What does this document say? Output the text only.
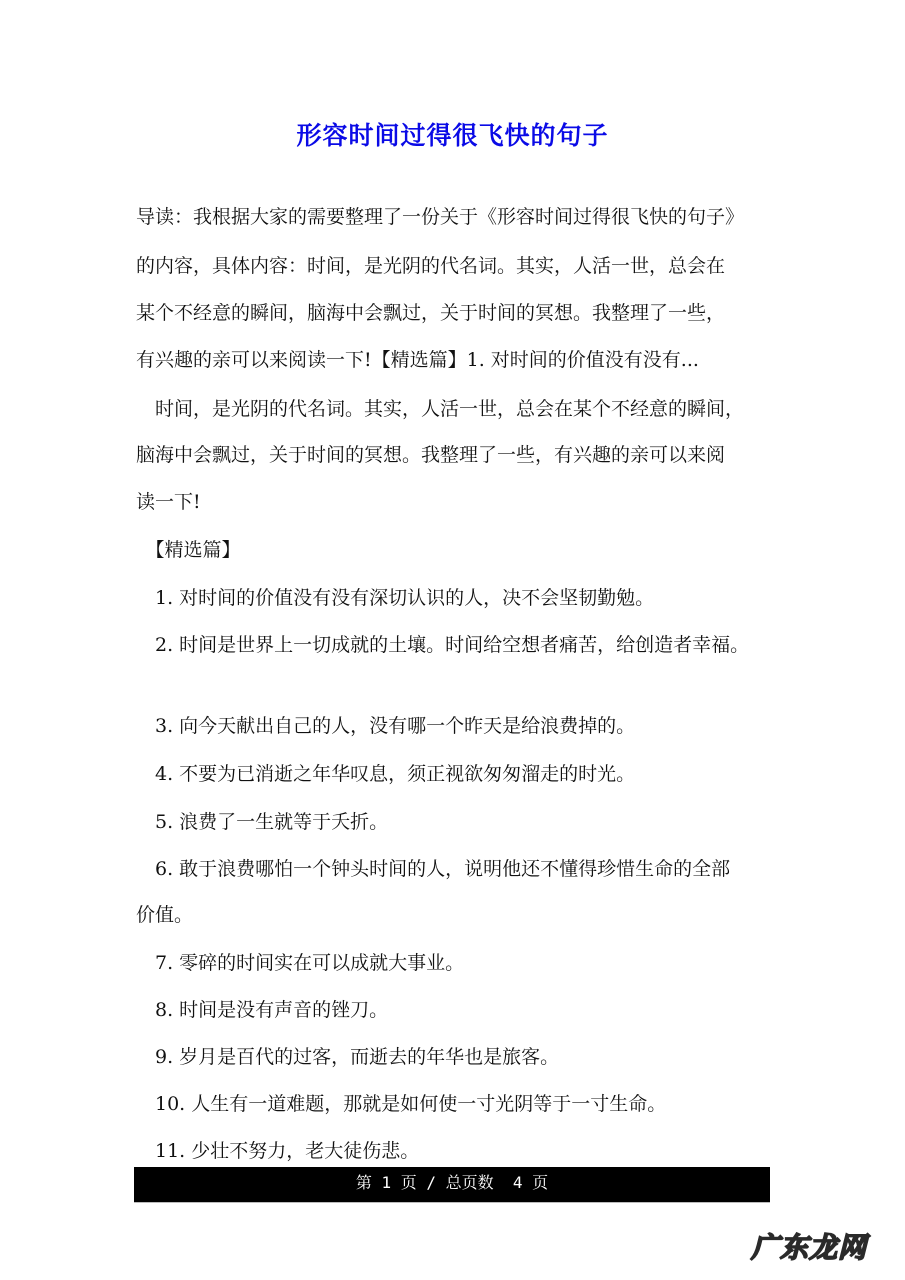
形容时间过得很飞快的句子
导读：我根据大家的需要整理了一份关于《形容时间过得很飞快的句子》
的内容，具体内容：时间，是光阴的代名词。其实，人活一世，总会在
某个不经意的瞬间，脑海中会飘过，关于时间的冥想。我整理了一些，
有兴趣的亲可以来阅读一下!【精选篇】1. 对时间的价值没有没有...
　时间，是光阴的代名词。其实，人活一世，总会在某个不经意的瞬间，
脑海中会飘过，关于时间的冥想。我整理了一些，有兴趣的亲可以来阅
读一下!
　【精选篇】
　1. 对时间的价值没有没有深切认识的人，决不会坚韧勤勉。
　2. 时间是世界上一切成就的土壤。时间给空想者痛苦，给创造者幸福。
　3. 向今天献出自己的人，没有哪一个昨天是给浪费掉的。
　4. 不要为已消逝之年华叹息，须正视欲匆匆溜走的时光。
　5. 浪费了一生就等于夭折。
　6. 敢于浪费哪怕一个钟头时间的人，说明他还不懂得珍惜生命的全部
价值。
　7. 零碎的时间实在可以成就大事业。
　8. 时间是没有声音的锉刀。
　9. 岁月是百代的过客，而逝去的年华也是旅客。
　10. 人生有一道难题，那就是如何使一寸光阴等于一寸生命。
　11. 少壮不努力，老大徒伤悲。
第 1 页 / 总页数  4 页
广东龙网
